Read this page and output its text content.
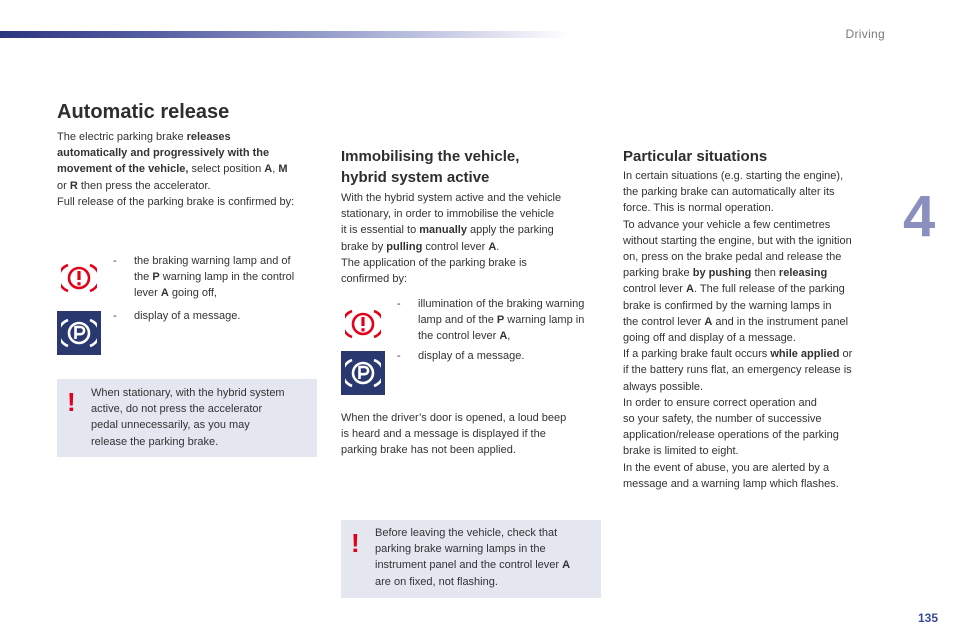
Driving
4
135
Automatic release
The electric parking brake releases
automatically and progressively with the
movement of the vehicle, select position A, M
or R then press the accelerator.
Full release of the parking brake is confirmed by:
- the braking warning lamp and of
the P warning lamp in the control
lever A going off,
- display of a message.
! When stationary, with the hybrid system
active, do not press the accelerator
pedal unnecessarily, as you may
release the parking brake.
Immobilising the vehicle,
hybrid system active
With the hybrid system active and the vehicle
stationary, in order to immobilise the vehicle
it is essential to manually apply the parking
brake by pulling control lever A.
The application of the parking brake is
confirmed by:
- illumination of the braking warning
lamp and of the P warning lamp in
the control lever A,
- display of a message.
When the driver’s door is opened, a loud beep
is heard and a message is displayed if the
parking brake has not been applied.
! Before leaving the vehicle, check that
parking brake warning lamps in the
instrument panel and the control lever A
are on fixed, not flashing.
Particular situations
In certain situations (e.g. starting the engine),
the parking brake can automatically alter its
force. This is normal operation.
To advance your vehicle a few centimetres
without starting the engine, but with the ignition
on, press on the brake pedal and release the
parking brake by pushing then releasing
control lever A. The full release of the parking
brake is confirmed by the warning lamps in
the control lever A and in the instrument panel
going off and display of a message.
If a parking brake fault occurs while applied or
if the battery runs flat, an emergency release is
always possible.
In order to ensure correct operation and
so your safety, the number of successive
application/release operations of the parking
brake is limited to eight.
In the event of abuse, you are alerted by a
message and a warning lamp which flashes.
